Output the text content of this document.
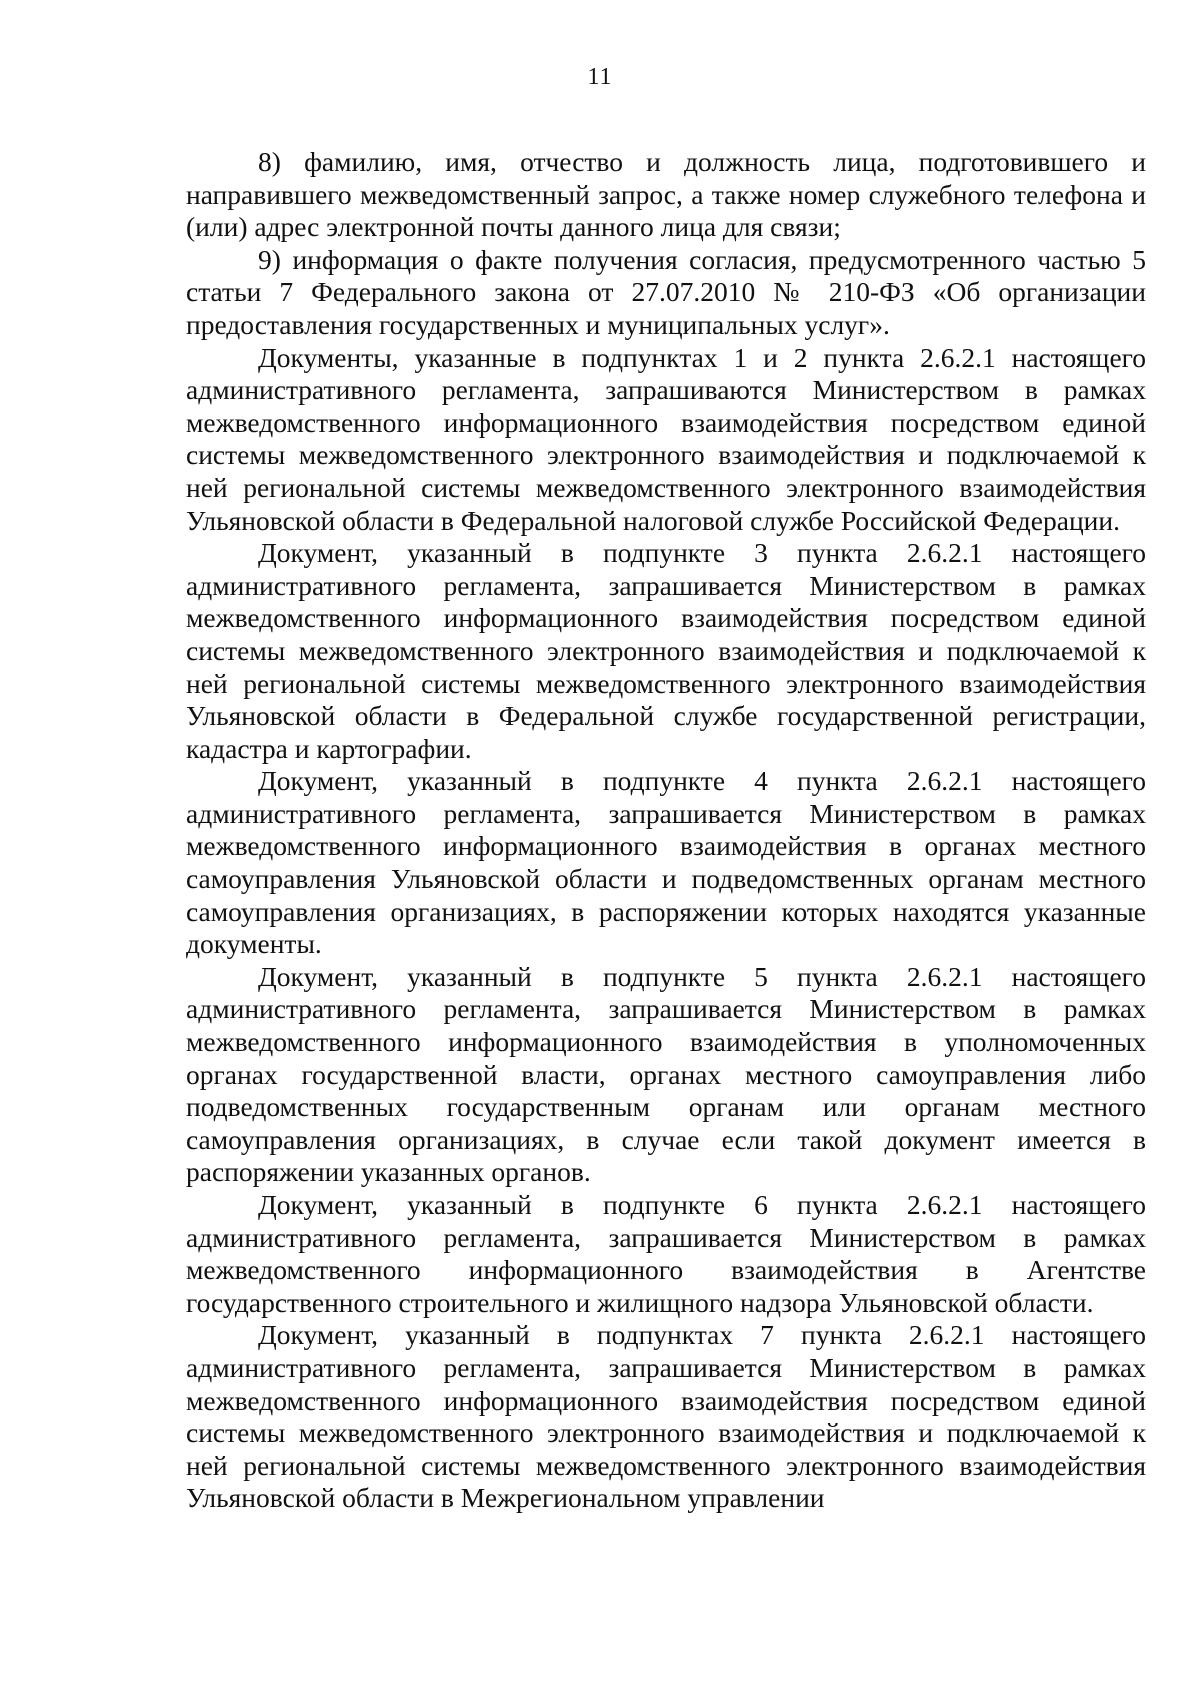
11

8) фамилию, имя, отчество и должность лица, подготовившего и направившего межведомственный запрос, а также номер служебного телефона и (или) адрес электронной почты данного лица для связи;

9) информация о факте получения согласия, предусмотренного частью 5 статьи 7 Федерального закона от 27.07.2010 № 210-ФЗ «Об организации предоставления государственных и муниципальных услуг».

Документы, указанные в подпунктах 1 и 2 пункта 2.6.2.1 настоящего административного регламента, запрашиваются Министерством в рамках межведомственного информационного взаимодействия посредством единой системы межведомственного электронного взаимодействия и подключаемой к ней региональной системы межведомственного электронного взаимодействия Ульяновской области в Федеральной налоговой службе Российской Федерации.

Документ, указанный в подпункте 3 пункта 2.6.2.1 настоящего административного регламента, запрашивается Министерством в рамках межведомственного информационного взаимодействия посредством единой системы межведомственного электронного взаимодействия и подключаемой к ней региональной системы межведомственного электронного взаимодействия Ульяновской области в Федеральной службе государственной регистрации, кадастра и картографии.

Документ, указанный в подпункте 4 пункта 2.6.2.1 настоящего административного регламента, запрашивается Министерством в рамках межведомственного информационного взаимодействия в органах местного самоуправления Ульяновской области и подведомственных органам местного самоуправления организациях, в распоряжении которых находятся указанные документы.

Документ, указанный в подпункте 5 пункта 2.6.2.1 настоящего административного регламента, запрашивается Министерством в рамках межведомственного информационного взаимодействия в уполномоченных органах государственной власти, органах местного самоуправления либо подведомственных государственным органам или органам местного самоуправления организациях, в случае если такой документ имеется в распоряжении указанных органов.

Документ, указанный в подпункте 6 пункта 2.6.2.1 настоящего административного регламента, запрашивается Министерством в рамках межведомственного информационного взаимодействия в Агентстве государственного строительного и жилищного надзора Ульяновской области.

Документ, указанный в подпунктах 7 пункта 2.6.2.1 настоящего административного регламента, запрашивается Министерством в рамках межведомственного информационного взаимодействия посредством единой системы межведомственного электронного взаимодействия и подключаемой к ней региональной системы межведомственного электронного взаимодействия Ульяновской области в Межрегиональном управлении
